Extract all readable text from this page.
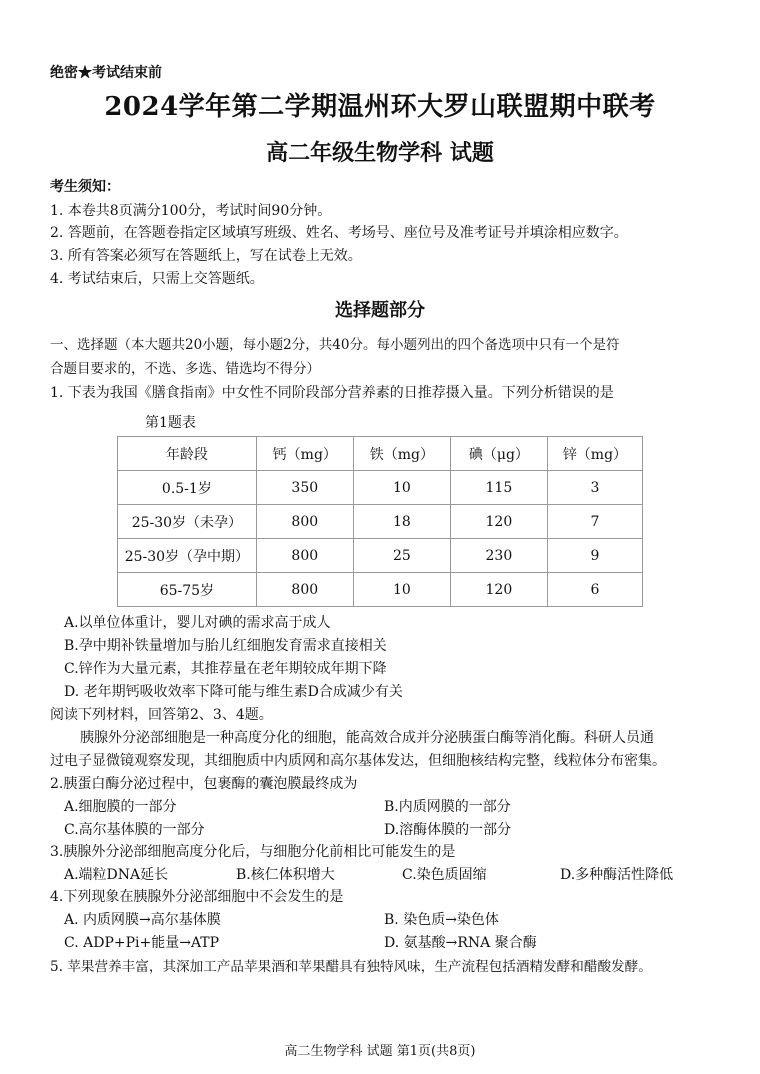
绝密★考试结束前
2024学年第二学期温州环大罗山联盟期中联考
高二年级生物学科 试题
考生须知：
1. 本卷共8页满分100分，考试时间90分钟。
2. 答题前，在答题卷指定区域填写班级、姓名、考场号、座位号及准考证号并填涂相应数字。
3. 所有答案必须写在答题纸上，写在试卷上无效。
4. 考试结束后，只需上交答题纸。
选择题部分
一、选择题（本大题共20小题，每小题2分，共40分。每小题列出的四个备选项中只有一个是符
合题目要求的，不选、多选、错选均不得分）
1. 下表为我国《膳食指南》中女性不同阶段部分营养素的日推荐摄入量。下列分析错误的是
第1题表
年龄段	钙（mg）	铁（mg）	碘（μg）	锌（mg）
0.5-1岁	350	10	115	3
25-30岁（未孕）	800	18	120	7
25-30岁（孕中期）	800	25	230	9
65-75岁	800	10	120	6
A.以单位体重计，婴儿对碘的需求高于成人
B.孕中期补铁量增加与胎儿红细胞发育需求直接相关
C.锌作为大量元素，其推荐量在老年期较成年期下降
D. 老年期钙吸收效率下降可能与维生素D合成减少有关
阅读下列材料，回答第2、3、4题。
胰腺外分泌部细胞是一种高度分化的细胞，能高效合成并分泌胰蛋白酶等消化酶。科研人员通
过电子显微镜观察发现，其细胞质中内质网和高尔基体发达，但细胞核结构完整，线粒体分布密集。
2.胰蛋白酶分泌过程中，包裹酶的囊泡膜最终成为
A.细胞膜的一部分	B.内质网膜的一部分
C.高尔基体膜的一部分	D.溶酶体膜的一部分
3.胰腺外分泌部细胞高度分化后，与细胞分化前相比可能发生的是
A.端粒DNA延长	B.核仁体积增大	C.染色质固缩	D.多种酶活性降低
4.下列现象在胰腺外分泌部细胞中不会发生的是
A. 内质网膜→高尔基体膜	B. 染色质→染色体
C. ADP+Pi+能量→ATP	D. 氨基酸→RNA 聚合酶
5. 苹果营养丰富，其深加工产品苹果酒和苹果醋具有独特风味，生产流程包括酒精发酵和醋酸发酵。
高二生物学科 试题 第1页(共8页)
